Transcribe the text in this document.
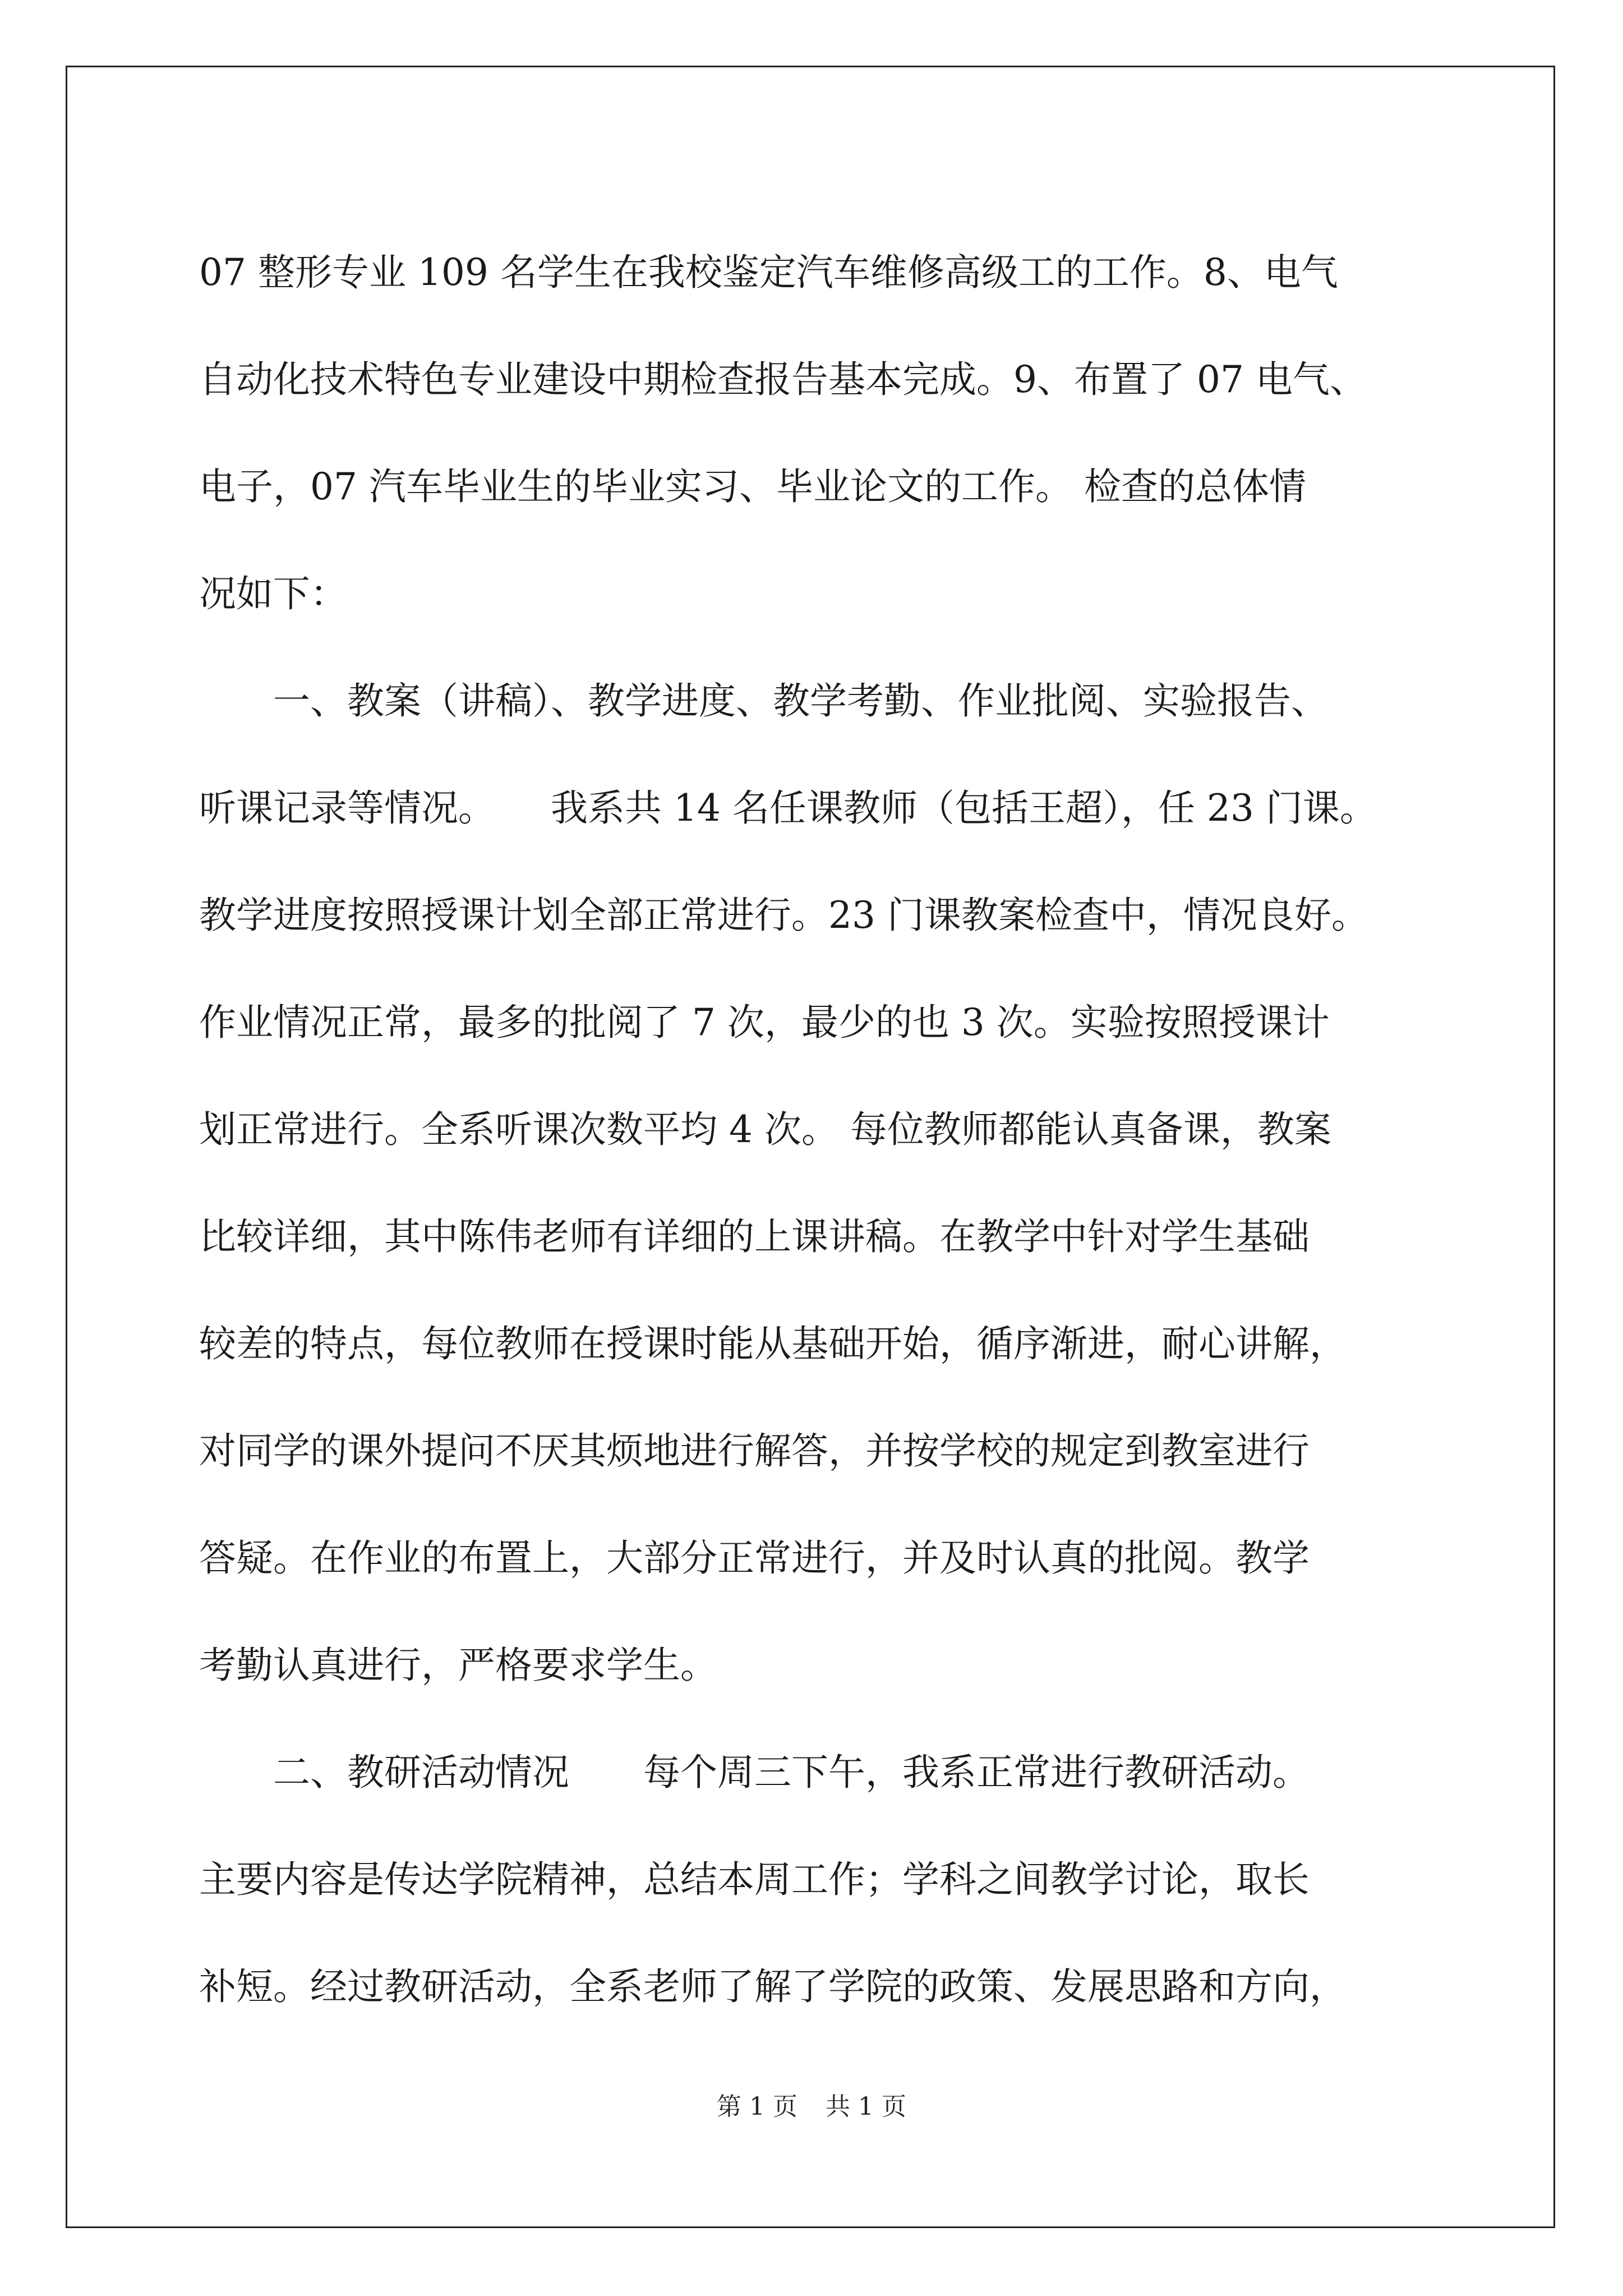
07 整形专业 109 名学生在我校鉴定汽车维修高级工的工作。8、电气
自动化技术特色专业建设中期检查报告基本完成。9、布置了 07 电气、
电子，07 汽车毕业生的毕业实习、毕业论文的工作。 检查的总体情
况如下：
　　一、教案（讲稿）、教学进度、教学考勤、作业批阅、实验报告、
听课记录等情况。　　我系共 14 名任课教师（包括王超），任 23 门课。
教学进度按照授课计划全部正常进行。23 门课教案检查中，情况良好。
作业情况正常，最多的批阅了 7 次，最少的也 3 次。实验按照授课计
划正常进行。全系听课次数平均 4 次。 每位教师都能认真备课，教案
比较详细，其中陈伟老师有详细的上课讲稿。在教学中针对学生基础
较差的特点，每位教师在授课时能从基础开始，循序渐进，耐心讲解，
对同学的课外提问不厌其烦地进行解答，并按学校的规定到教室进行
答疑。在作业的布置上，大部分正常进行，并及时认真的批阅。教学
考勤认真进行，严格要求学生。
　　二、教研活动情况　　每个周三下午，我系正常进行教研活动。
主要内容是传达学院精神，总结本周工作；学科之间教学讨论，取长
补短。经过教研活动，全系老师了解了学院的政策、发展思路和方向，
第 1 页 共 1 页
